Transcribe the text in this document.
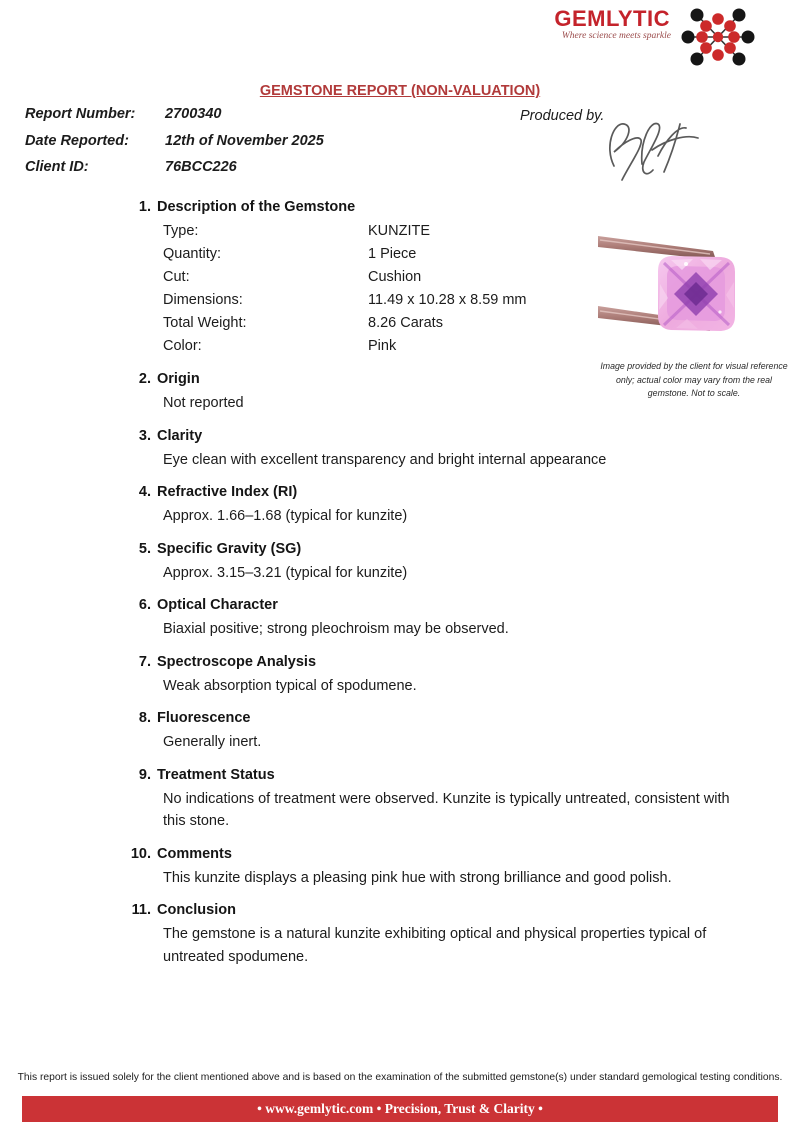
GEMLYTIC
Where science meets sparkle
GEMSTONE REPORT (NON-VALUATION)
Report Number:	2700340
Date Reported:	12th of November 2025
Client ID:	76BCC226
Produced by.
Image provided by the client for visual reference only; actual color may vary from the real gemstone. Not to scale.
1. Description of the Gemstone
Type:	KUNZITE
Quantity:	1 Piece
Cut:	Cushion
Dimensions:	11.49 x 10.28 x 8.59 mm
Total Weight:	8.26 Carats
Color:	Pink
2. Origin
Not reported
3. Clarity
Eye clean with excellent transparency and bright internal appearance
4. Refractive Index (RI)
Approx. 1.66–1.68 (typical for kunzite)
5. Specific Gravity (SG)
Approx. 3.15–3.21 (typical for kunzite)
6. Optical Character
Biaxial positive; strong pleochroism may be observed.
7. Spectroscope Analysis
Weak absorption typical of spodumene.
8. Fluorescence
Generally inert.
9. Treatment Status
No indications of treatment were observed. Kunzite is typically untreated, consistent with this stone.
10. Comments
This kunzite displays a pleasing pink hue with strong brilliance and good polish.
11. Conclusion
The gemstone is a natural kunzite exhibiting optical and physical properties typical of untreated spodumene.
This report is issued solely for the client mentioned above and is based on the examination of the submitted gemstone(s) under standard gemological testing conditions.
• www.gemlytic.com • Precision, Trust & Clarity •
